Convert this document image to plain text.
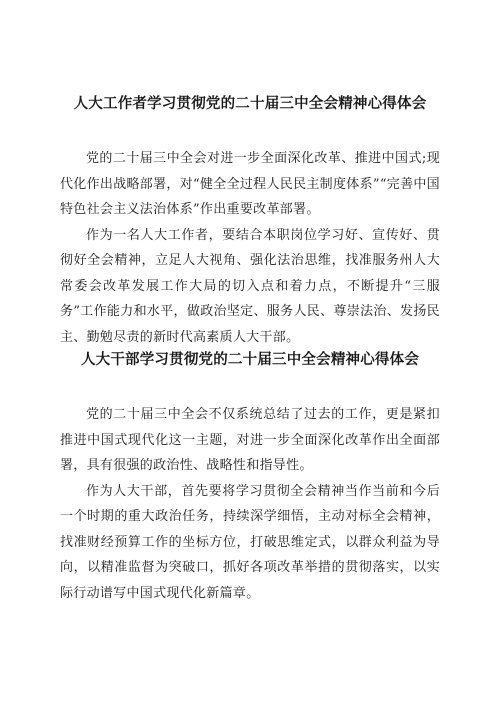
人大工作者学习贯彻党的二十届三中全会精神心得体会

党的二十届三中全会对进一步全面深化改革、推进中国式;现代化作出战略部署，对“健全全过程人民民主制度体系”“完善中国特色社会主义法治体系”作出重要改革部署。

作为一名人大工作者，要结合本职岗位学习好、宣传好、贯彻好全会精神，立足人大视角、强化法治思维，找准服务州人大常委会改革发展工作大局的切入点和着力点，不断提升“三服务”工作能力和水平，做政治坚定、服务人民、尊崇法治、发扬民主、勤勉尽责的新时代高素质人大干部。

人大干部学习贯彻党的二十届三中全会精神心得体会

党的二十届三中全会不仅系统总结了过去的工作，更是紧扣推进中国式现代化这一主题，对进一步全面深化改革作出全面部署，具有很强的政治性、战略性和指导性。

作为人大干部，首先要将学习贯彻全会精神当作当前和今后一个时期的重大政治任务，持续深学细悟，主动对标全会精神，找准财经预算工作的坐标方位，打破思维定式，以群众利益为导向，以精准监督为突破口，抓好各项改革举措的贯彻落实，以实际行动谱写中国式现代化新篇章。
